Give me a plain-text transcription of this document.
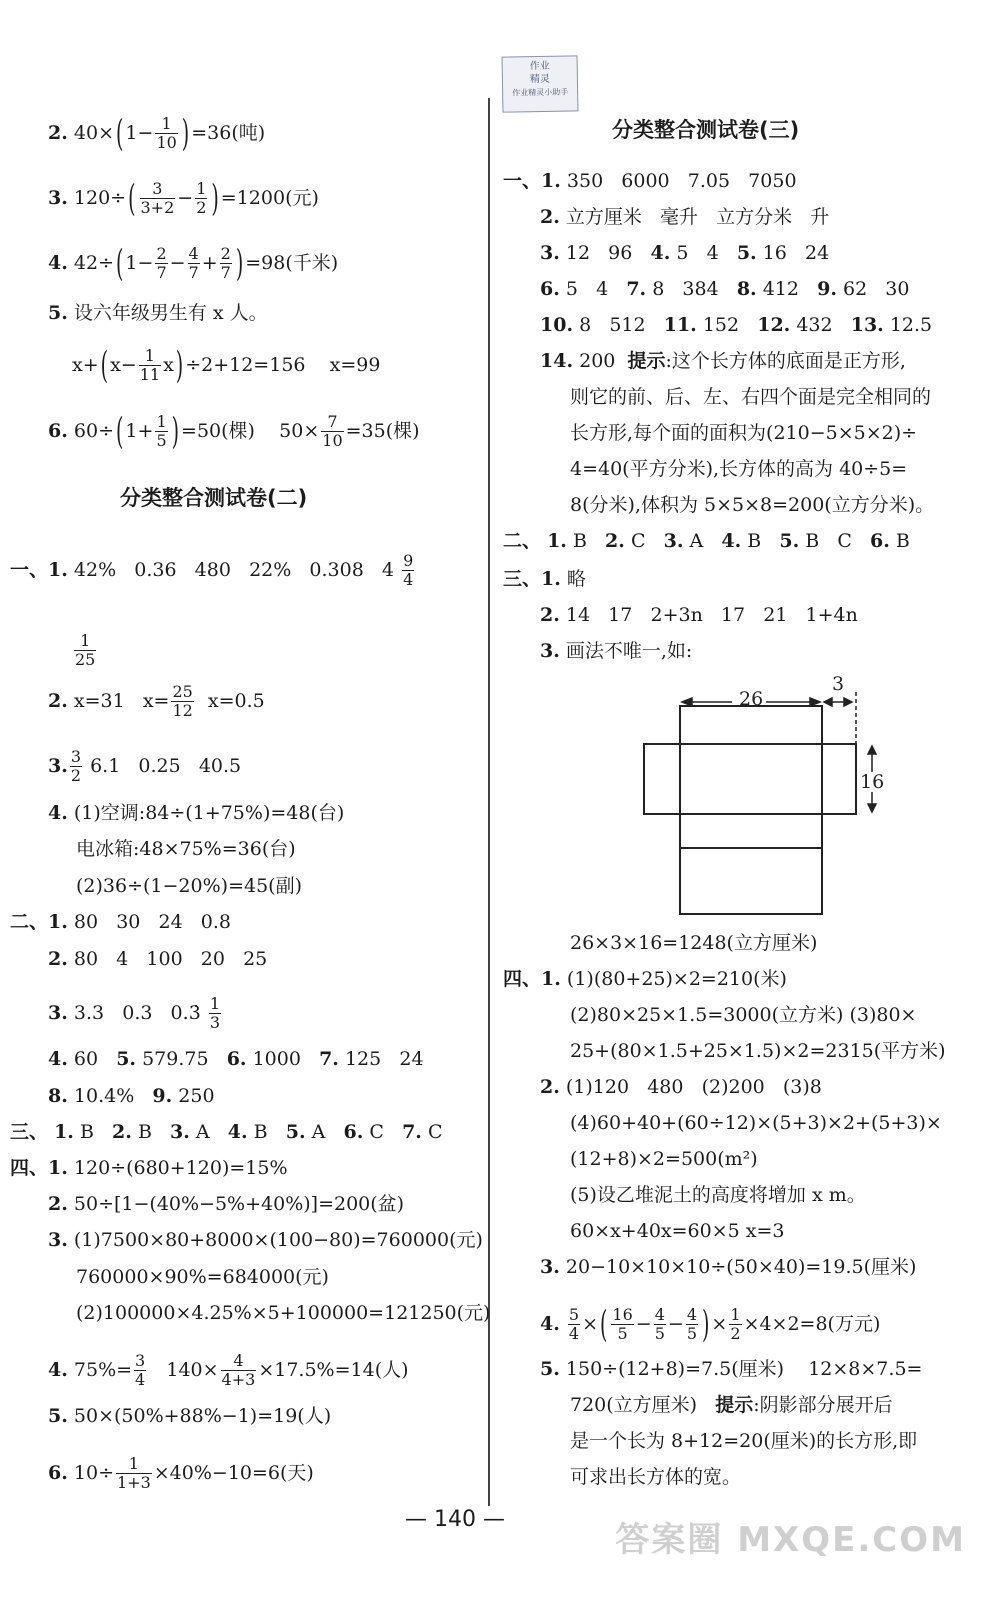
作业
精灵
作业精灵小助手
2. 40× ( $1- \frac{1}{10}$ ) =36(吨)
3. 120÷ ( $\frac{3}{3+2} - \frac{1}{2}$ ) =1200(元)
4. 42÷ ( $1- \frac{2}{7} - \frac{4}{7} + \frac{2}{7}$ ) =98(千米)
5. 设六年级男生有 x 人。
x+ ( $x- \frac{1}{11}$ x ) ÷2+12=156 x=99
6. 60÷ ( $1+ \frac{1}{5}$ ) =50(棵) $50\times \frac{7}{10} =35$(棵)
分类整合测试卷(二)
一、1. 42%   0.36   480   22%   0.308   $4 \frac{9}{4}$
$\frac{1}{25}$
2. x=31   $x= \frac{25}{12} x=0.5$
3. $\frac{3}{2} 6.1$   0.25   40.5
4. (1)空调:84÷(1+75%)=48(台)
电冰箱:48×75%=36(台)
(2)36÷(1−20%)=45(副)
二、1. 80   30   24   0.8
2. 80   4   100   20   25
3. 3.3   0.3   0.3̇ $\frac{1}{3}$
4. 60 5. 579.75 6. 1000 7. 125   24
8. 10.4% 9. 250
三、 1. B 2. B 3. A 4. B 5. A 6. C 7. C
四、1. 120÷(680+120)=15%
2. 50÷[1−(40%−5%+40%)]=200(盆)
3. (1)7500×80+8000×(100−80)=760000(元)
760000×90%=684000(元)
(2)100000×4.25%×5+100000=121250(元)
4. $75\%= \frac{3}{4} 140\times \frac{4}{4+3} \times 17.5\%=14$(人)
5. 50×(50%+88%−1)=19(人)
6. $10\div \frac{1}{1+3} \times 40\%-10=6$(天)
分类整合测试卷(三)
一、1. 350   6000   7.05   7050
2. 立方厘米   毫升   立方分米   升
3. 12   96 4. 5   4 5. 16   24
6. 5   4 7. 8   384 8. 412 9. 62   30
10. 8   512 11. 152 12. 432 13. 12.5
14. 200 提示:这个长方体的底面是正方形,
则它的前、后、左、右四个面是完全相同的
长方形,每个面的面积为(210−5×5×2)÷
4=40(平方分米),长方体的高为 40÷5=
8(分米),体积为 5×5×8=200(立方分米)。
二、 1. B 2. C 3. A 4. B 5. B   C 6. B
三、1. 略
2. 14   17   2+3n   17   21   1+4n
3. 画法不唯一,如:
26
3
16
26×3×16=1248(立方厘米)
四、1. (1)(80+25)×2=210(米)
(2)80×25×1.5=3000(立方米) (3)80×
25+(80×1.5+25×1.5)×2=2315(平方米)
2. (1)120   480   (2)200   (3)8
(4)60+40+(60÷12)×(5+3)×2+(5+3)×
(12+8)×2=500(m²)
(5)设乙堆泥土的高度将增加 x m。
60×x+40x=60×5 x=3
3. 20−10×10×10÷(50×40)=19.5(厘米)
4. $\frac{5}{4}$ × ( $\frac{16}{5} - \frac{4}{5} - \frac{4}{5}$ ) × $\frac{1}{2} \times 4\times 2=8$(万元)
5. 150÷(12+8)=7.5(厘米)    12×8×7.5=
720(立方厘米) 提示:阴影部分展开后
是一个长为 8+12=20(厘米)的长方形,即
可求出长方体的宽。
— 140 —
答案圈 MXQE.COM
